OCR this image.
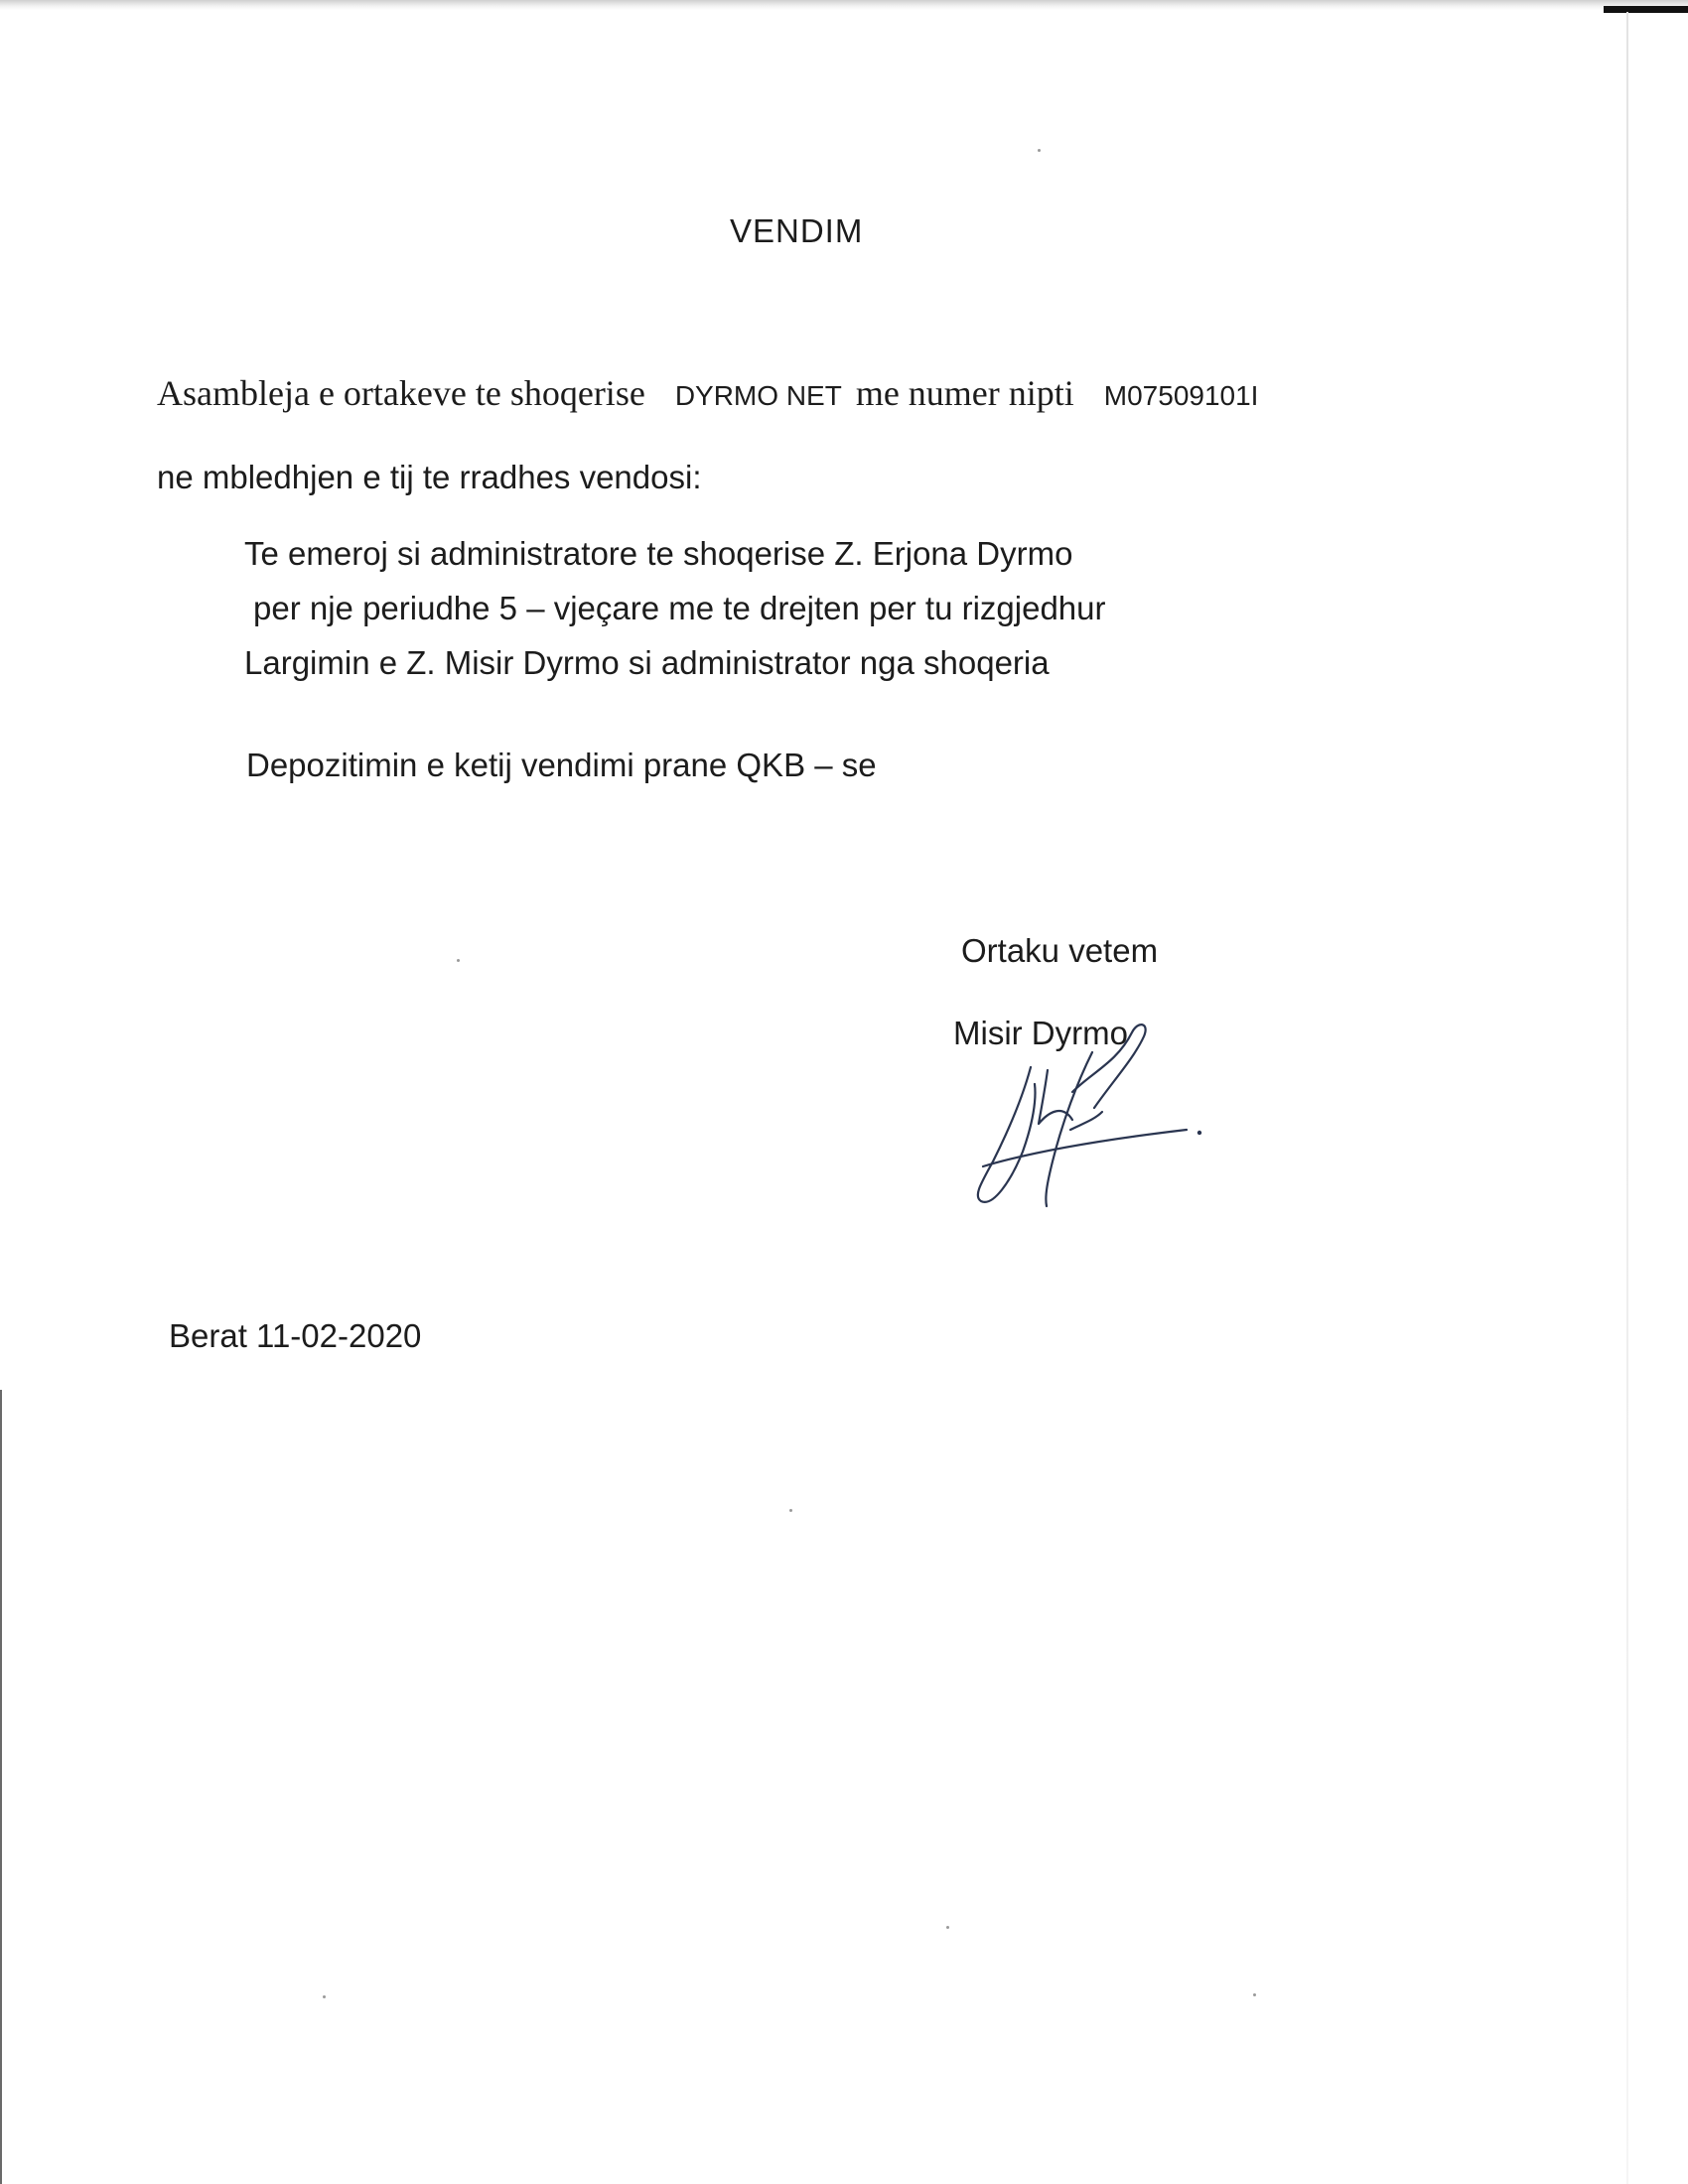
VENDIM
Asambleja e ortakeve te shoqerise DYRMO NET me numer nipti M07509101I
ne mbledhjen e tij te rradhes vendosi:
Te emeroj si administratore te shoqerise Z. Erjona Dyrmo
per nje periudhe 5 – vjeçare me te drejten per tu rizgjedhur
Largimin e Z. Misir Dyrmo si administrator nga shoqeria
Depozitimin e ketij vendimi prane QKB – se
Ortaku vetem
Misir Dyrmo
Berat 11-02-2020
